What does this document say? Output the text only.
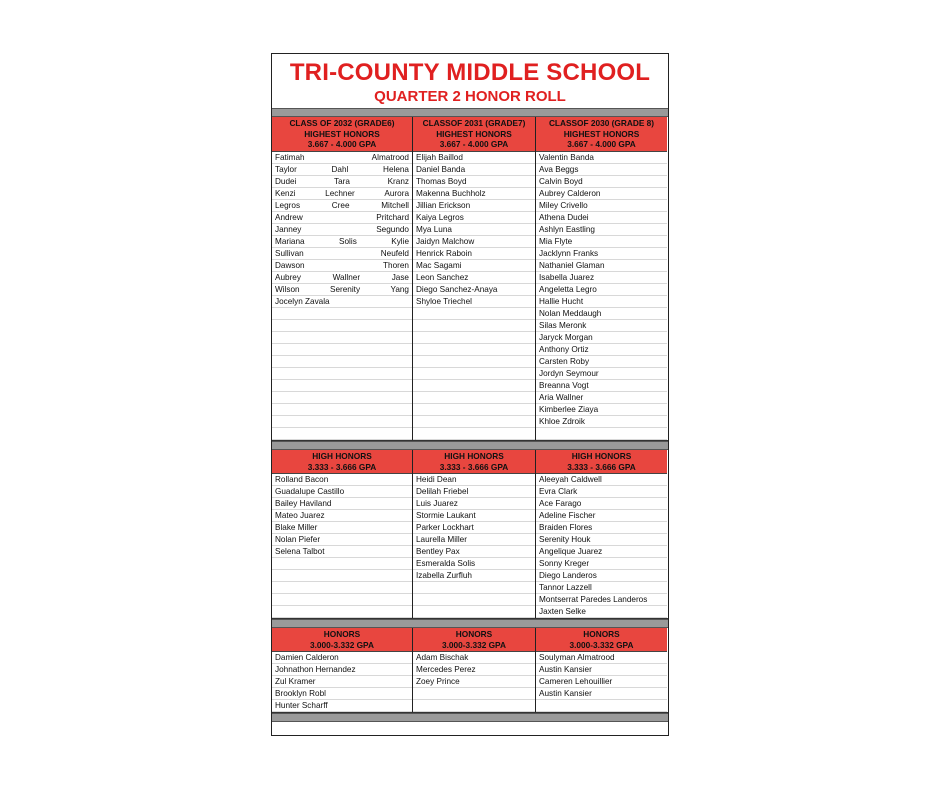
TRI-COUNTY MIDDLE SCHOOL
QUARTER 2 HONOR ROLL
CLASS OF 2032 (GRADE6)
HIGHEST HONORS
3.667 - 4.000 GPA
Fatimah	Almatrood
Taylor	Dahl	Helena
Dudei	Tara	Kranz
Kenzi	Lechner	Aurora
Legros	Cree	Mitchell
Andrew	Pritchard
Janney	Segundo
Mariana	Solis	Kylie
Sullivan	Neufeld
Dawson	Thoren
Aubrey	Wallner	Jase
Wilson	Serenity	Yang
Jocelyn Zavala
CLASSOF 2031 (GRADE7)
HIGHEST HONORS
3.667 - 4.000 GPA
Elijah Baillod
Daniel Banda
Thomas Boyd
Makenna Buchholz
Jillian Erickson
Kaiya Legros
Mya Luna
Jaidyn Malchow
Henrick Raboin
Mac Sagami
Leon Sanchez
Diego Sanchez-Anaya
Shyloe Triechel
CLASSOF 2030 (GRADE 8)
HIGHEST HONORS
3.667 - 4.000 GPA
Valentin Banda
Ava Beggs
Calvin Boyd
Aubrey Calderon
Miley Crivello
Athena Dudei
Ashlyn Eastling
Mia Flyte
Jacklynn Franks
Nathaniel Glaman
Isabella Juarez
Angeletta Legro
Hallie Hucht
Nolan Meddaugh
Silas Meronk
Jaryck Morgan
Anthony Ortiz
Carsten Roby
Jordyn Seymour
Breanna Vogt
Aria Wallner
Kimberlee Ziaya
Khloe Zdroik
HIGH HONORS
3.333 - 3.666 GPA
Rolland Bacon
Guadalupe Castillo
Bailey Haviland
Mateo Juarez
Blake Miller
Nolan Piefer
Selena Talbot
HIGH HONORS
3.333 - 3.666 GPA
Heidi Dean
Delilah Friebel
Luis Juarez
Stormie Laukant
Parker Lockhart
Laurella Miller
Bentley Pax
Esmeralda Solis
Izabella Zurfluh
HIGH HONORS
3.333 - 3.666 GPA
Aleeyah Caldwell
Evra Clark
Ace Farago
Adeline Fischer
Braiden Flores
Serenity Houk
Angelique Juarez
Sonny Kreger
Diego Landeros
Tannor Lazzell
Montserrat Paredes Landeros
Jaxten Selke
HONORS
3.000-3.332 GPA
Damien Calderon
Johnathon Hernandez
Zul Kramer
Brooklyn Robl
Hunter Scharff
HONORS
3.000-3.332 GPA
Adam Bischak
Mercedes Perez
Zoey Prince
HONORS
3.000-3.332 GPA
Soulyman Almatrood
Austin Kansier
Cameren Lehouillier
Austin Kansier
